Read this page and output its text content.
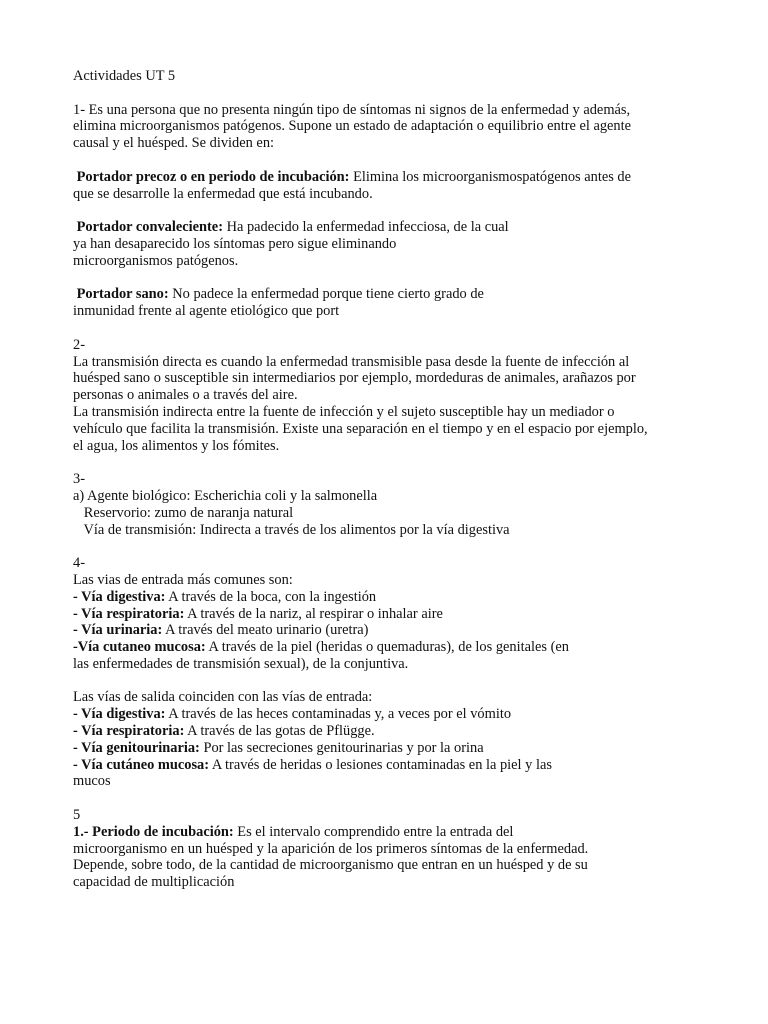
Actividades UT 5
1- Es una persona que no presenta ningún tipo de síntomas ni signos de la enfermedad y además,
elimina microorganismos patógenos. Supone un estado de adaptación o equilibrio entre el agente
causal y el huésped. Se dividen en:
Portador precoz o en periodo de incubación: Elimina los microorganismospatógenos antes de
que se desarrolle la enfermedad que está incubando.
Portador convaleciente: Ha padecido la enfermedad infecciosa, de la cual
ya han desaparecido los síntomas pero sigue eliminando
microorganismos patógenos.
Portador sano: No padece la enfermedad porque tiene cierto grado de
inmunidad frente al agente etiológico que port
2-
La transmisión directa es cuando la enfermedad transmisible pasa desde la fuente de infección al
huésped sano o susceptible sin intermediarios por ejemplo, mordeduras de animales, arañazos por
personas o animales o a través del aire.
La transmisión indirecta entre la fuente de infección y el sujeto susceptible hay un mediador o
vehículo que facilita la transmisión. Existe una separación en el tiempo y en el espacio por ejemplo,
el agua, los alimentos y los fómites.
3-
a) Agente biológico: Escherichia coli y la salmonella
Reservorio: zumo de naranja natural
Vía de transmisión: Indirecta a través de los alimentos por la vía digestiva
4-
Las vias de entrada más comunes son:
- Vía digestiva: A través de la boca, con la ingestión
- Vía respiratoria: A través de la nariz, al respirar o inhalar aire
- Vía urinaria: A través del meato urinario (uretra)
-Vía cutaneo mucosa: A través de la piel (heridas o quemaduras), de los genitales (en
las enfermedades de transmisión sexual), de la conjuntiva.
Las vías de salida coinciden con las vías de entrada:
- Vía digestiva: A través de las heces contaminadas y, a veces por el vómito
- Vía respiratoria: A través de las gotas de Pflügge.
- Vía genitourinaria: Por las secreciones genitourinarias y por la orina
- Vía cutáneo mucosa: A través de heridas o lesiones contaminadas en la piel y las
mucos
5
1.- Periodo de incubación: Es el intervalo comprendido entre la entrada del
microorganismo en un huésped y la aparición de los primeros síntomas de la enfermedad.
Depende, sobre todo, de la cantidad de microorganismo que entran en un huésped y de su
capacidad de multiplicación
